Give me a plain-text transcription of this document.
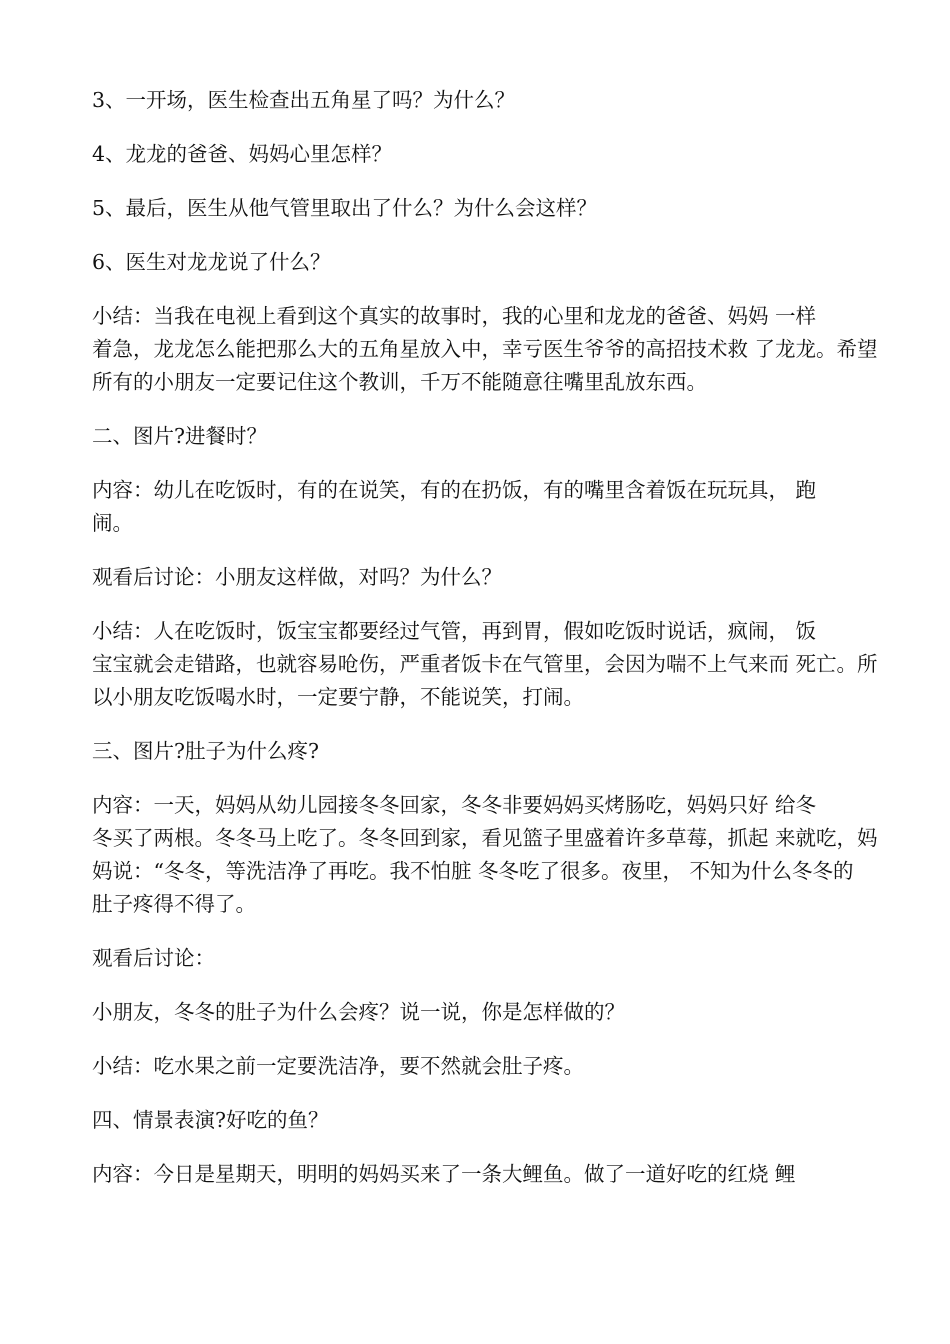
3、一开场，医生检查出五角星了吗？为什么？

4、龙龙的爸爸、妈妈心里怎样？

5、最后，医生从他气管里取出了什么？为什么会这样？

6、医生对龙龙说了什么？

小结：当我在电视上看到这个真实的故事时，我的心里和龙龙的爸爸、妈妈 一样
着急，龙龙怎么能把那么大的五角星放入中，幸亏医生爷爷的高招技术救 了龙龙。希望
所有的小朋友一定要记住这个教训，千万不能随意往嘴里乱放东西。

二、图片?进餐时？

内容：幼儿在吃饭时，有的在说笑，有的在扔饭，有的嘴里含着饭在玩玩具， 跑
闹。

观看后讨论：小朋友这样做，对吗？为什么？

小结：人在吃饭时，饭宝宝都要经过气管，再到胃，假如吃饭时说话，疯闹， 饭
宝宝就会走错路，也就容易呛伤，严重者饭卡在气管里，会因为喘不上气来而 死亡。所
以小朋友吃饭喝水时，一定要宁静，不能说笑，打闹。

三、图片?肚子为什么疼?

内容：一天，妈妈从幼儿园接冬冬回家，冬冬非要妈妈买烤肠吃，妈妈只好 给冬
冬买了两根。冬冬马上吃了。冬冬回到家，看见篮子里盛着许多草莓，抓起 来就吃，妈
妈说：“冬冬，等洗洁净了再吃。我不怕脏 冬冬吃了很多。夜里， 不知为什么冬冬的
肚子疼得不得了。

观看后讨论：

小朋友，冬冬的肚子为什么会疼？说一说，你是怎样做的？

小结：吃水果之前一定要洗洁净，要不然就会肚子疼。

四、情景表演?好吃的鱼？

内容：今日是星期天，明明的妈妈买来了一条大鲤鱼。做了一道好吃的红烧 鲤
